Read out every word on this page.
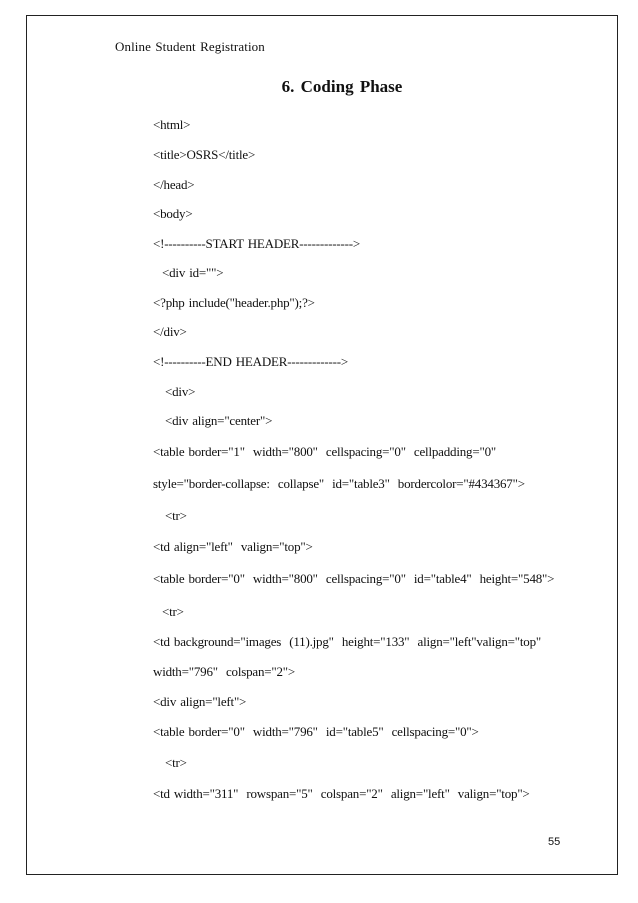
Online Student Registration
6. Coding Phase
<html>
<title>OSRS</title>
</head>
<body>
<!----------START HEADER------------->
<div id="">
<?php include("header.php");?>
</div>
<!----------END HEADER------------->
<div>
<div align="center">
<table border="1"  width="800"  cellspacing="0"  cellpadding="0"
style="border-collapse:  collapse"  id="table3"  bordercolor="#434367">
<tr>
<td align="left"  valign="top">
<table border="0"  width="800"  cellspacing="0"  id="table4"  height="548">
<tr>
<td background="images  (11).jpg"  height="133"  align="left"valign="top"
width="796"  colspan="2">
<div align="left">
<table border="0"  width="796"  id="table5"  cellspacing="0">
<tr>
<td width="311"  rowspan="5"  colspan="2"  align="left"  valign="top">
55
